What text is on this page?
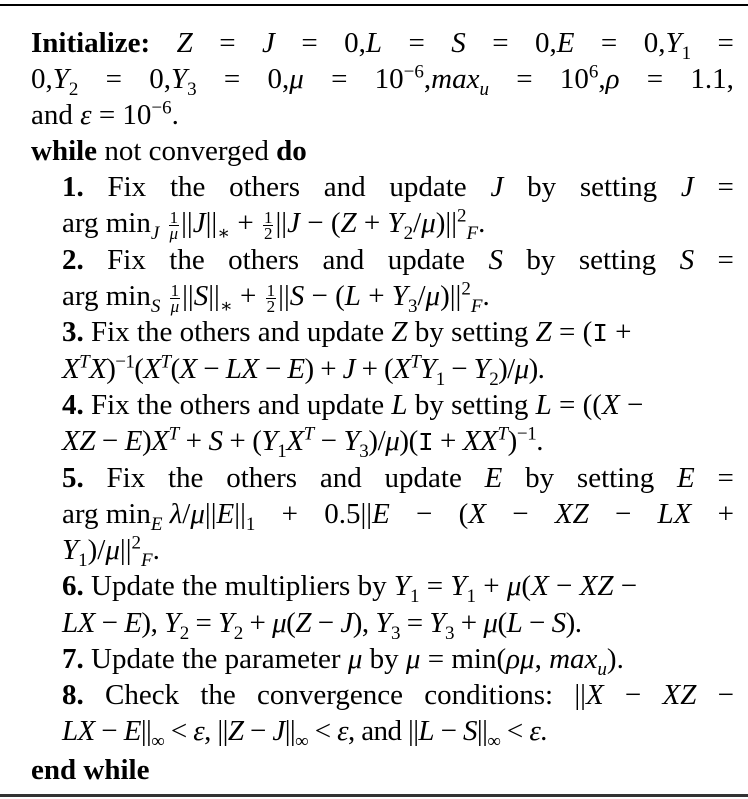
Initialize: $Z = J = 0,L = S = 0,E = 0,Y_1$ =
$0,Y_2 = 0,Y_3 = 0,\mu = 10^{-6},\max_u = 10^6,\rho = 1.1$,
and $\varepsilon = 10^{-6}$.
while not converged do
1. Fix the others and update J by setting J =
arg $\min_J \frac{1}{\mu} ||J||_∗ + \frac{1}{2} ||J - (Z + Y_2/\mu)||^2_F$.
2. Fix the others and update S by setting S =
arg $\min_S \frac{1}{\mu} ||S||_∗ + \frac{1}{2} ||S - (L + Y_3/\mu)||^2_F$.
3. Fix the others and update Z by setting Z = (I +
$X^TX)^{-1}(X^T(X$ − LX − $E) + J + (X^TY_1 - Y_2)/\mu$).
4. Fix the others and update L by setting L = ((X −
XZ − $E)X^T + S + (Y_1X^T - Y_3)/\mu)(I + XX^T)^{-1}$.
5. Fix the others and update E by setting E =
arg $\min_E \lambda/\mu||E||_1 + 0.5||E - (X$ − XZ − LX +
$Y_1)/\mu||^2_F$.
6. Update the multipliers by $Y_1 = Y_1 + \mu(X$ − XZ −
LX − E), $Y_2 = Y_2 + \mu(Z - J)$, $Y_3 = Y_3 + \mu(L - S)$.
7. Update the parameter μ by μ = min(ρμ, $\max_u$).
8. Check the convergence conditions: ||X − XZ −
LX − $E||_\infty < \varepsilon$, $||Z - J||_\infty < \varepsilon$, and $||L - S||_\infty < \varepsilon$.
end while
